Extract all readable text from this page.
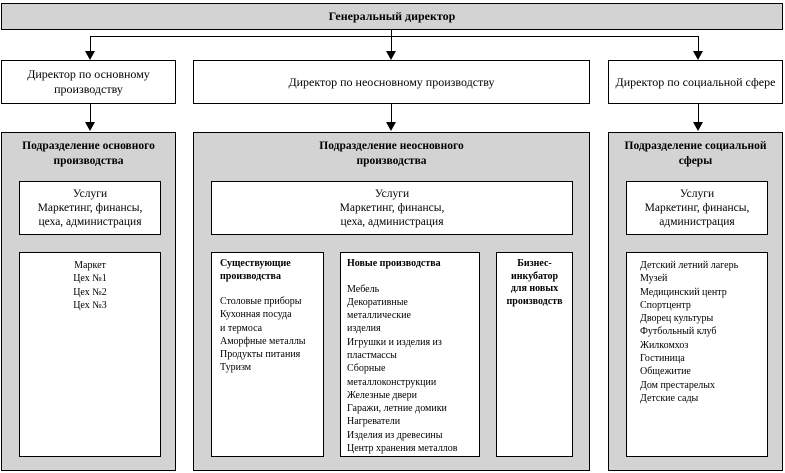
Генеральный директор
Директор по основному производству
Директор по неосновному производству	Директор по социальной сфере
Подразделение основного производства
Услуги
Маркетинг, финансы,
цеха, администрация
Маркет
Цех №1
Цех №2
Цех №3
Подразделение неосновного производства
Услуги
Маркетинг, финансы,
цеха, администрация
Существующие
производства
Столовые приборы
Кухонная посуда
и термоса
Аморфные металлы
Продукты питания
Туризм
Новые производства
Мебель
Декоративные
металлические
изделия
Игрушки и изделия из
пластмассы
Сборные
металлоконструкции
Железные двери
Гаражи, летние домики
Нагреватели
Изделия из древесины
Центр хранения металлов
Бизнес-
инкубатор
для новых
производств
Подразделение социальной сферы
Услуги
Маркетинг, финансы,
администрация
Детский летний лагерь
Музей
Медицинский центр
Спортцентр
Дворец культуры
Футбольный клуб
Жилкомхоз
Гостиница
Общежитие
Дом престарелых
Детские сады
